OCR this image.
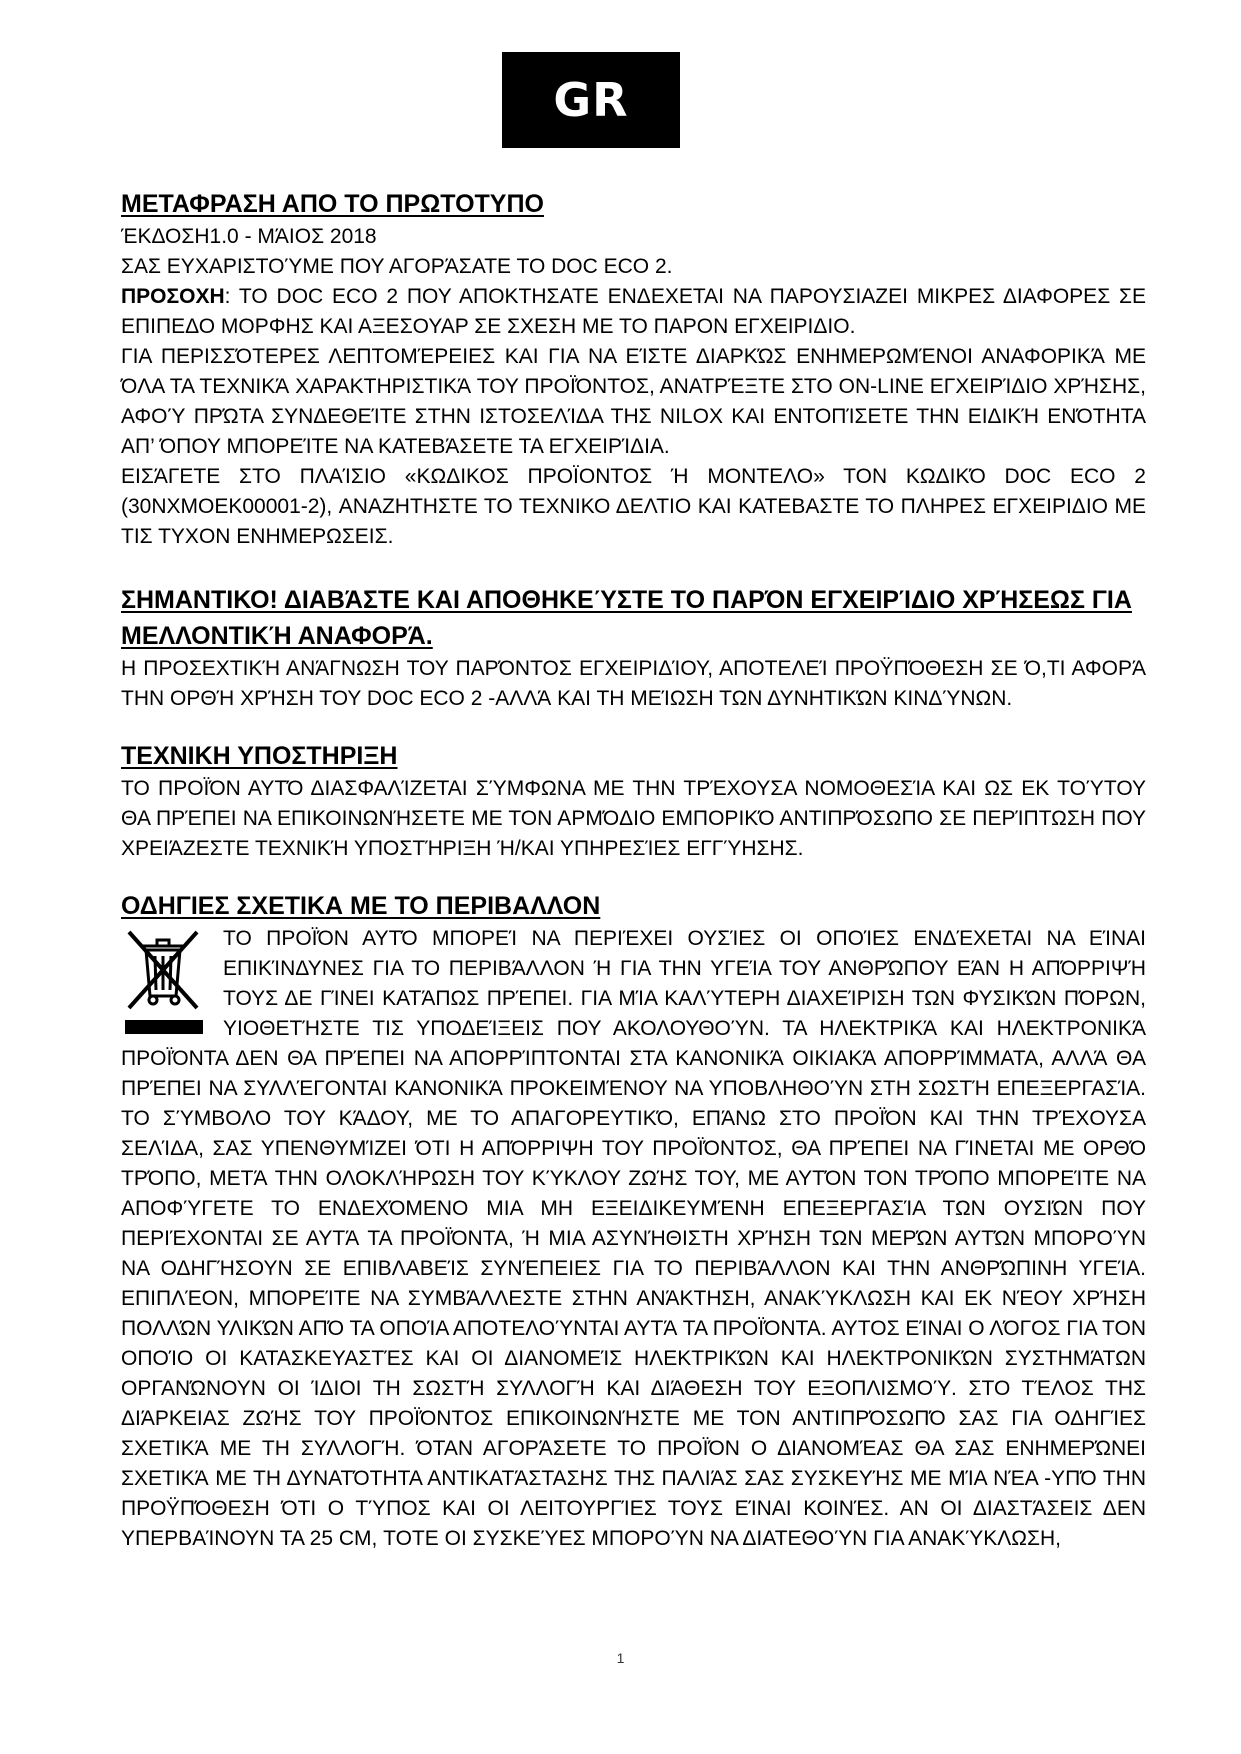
GR
ΜΕΤΑΦΡΑΣΗ ΑΠΟ ΤΟ ΠΡΩΤΟΤΥΠΟ

ΈΚΔΟΣΗ1.0 - ΜΆΙΟΣ 2018

ΣΑΣ ΕΥΧΑΡΙΣΤΟΎΜΕ ΠΟΥ ΑΓΟΡΆΣΑΤΕ ΤΟ DOC ECO 2.

ΠΡΟΣΟΧΗ: ΤΟ DOC ECO 2 ΠΟΥ ΑΠΟΚΤΗΣΑΤΕ ΕΝΔΕΧΕΤΑΙ ΝΑ ΠΑΡΟΥΣΙΑΖΕΙ ΜΙΚΡΕΣ ΔΙΑΦΟΡΕΣ ΣΕ ΕΠΙΠΕΔΟ ΜΟΡΦΗΣ ΚΑΙ ΑΞΕΣΟΥΑΡ ΣΕ ΣΧΕΣΗ ΜΕ ΤΟ ΠΑΡΟΝ ΕΓΧΕΙΡΙΔΙΟ.

ΓΙΑ ΠΕΡΙΣΣΌΤΕΡΕΣ ΛΕΠΤΟΜΈΡΕΙΕΣ ΚΑΙ ΓΙΑ ΝΑ ΕΊΣΤΕ ΔΙΑΡΚΏΣ ΕΝΗΜΕΡΩΜΈΝΟΙ ΑΝΑΦΟΡΙΚΆ ΜΕ ΌΛΑ ΤΑ ΤΕΧΝΙΚΆ ΧΑΡΑΚΤΗΡΙΣΤΙΚΆ ΤΟΥ ΠΡΟΪΌΝΤΟΣ, ΑΝΑΤΡΈΞΤΕ ΣΤΟ ON-LINE ΕΓΧΕΙΡΊΔΙΟ ΧΡΉΣΗΣ, ΑΦΟΎ ΠΡΏΤΑ ΣΥΝΔΕΘΕΊΤΕ ΣΤΗΝ ΙΣΤΟΣΕΛΊΔΑ ΤΗΣ NILOX ΚΑΙ ΕΝΤΟΠΊΣΕΤΕ ΤΗΝ ΕΙΔΙΚΉ ΕΝΌΤΗΤΑ ΑΠ’ ΌΠΟΥ ΜΠΟΡΕΊΤΕ ΝΑ ΚΑΤΕΒΆΣΕΤΕ ΤΑ ΕΓΧΕΙΡΊΔΙΑ.

ΕΙΣΆΓΕΤΕ ΣΤΟ ΠΛΑΊΣΙΟ «ΚΩΔΙΚΟΣ ΠΡΟΪΟΝΤΟΣ Ή ΜΟΝΤΕΛΟ» ΤΟΝ ΚΩΔΙΚΌ DOC ECO 2 (30NXMOEK00001-2), ΑΝΑΖΗΤΗΣΤΕ ΤΟ ΤΕΧΝΙΚΟ ΔΕΛΤΙΟ ΚΑΙ ΚΑΤΕΒΑΣΤΕ ΤΟ ΠΛΗΡΕΣ ΕΓΧΕΙΡΙΔΙΟ ΜΕ ΤΙΣ ΤΥΧΟΝ ΕΝΗΜΕΡΩΣΕΙΣ.

ΣΗΜΑΝΤΙΚΟ! ΔΙΑΒΆΣΤΕ ΚΑΙ ΑΠΟΘΗΚΕΎΣΤΕ ΤΟ ΠΑΡΌΝ ΕΓΧΕΙΡΊΔΙΟ ΧΡΉΣΕΩΣ ΓΙΑ ΜΕΛΛΟΝΤΙΚΉ ΑΝΑΦΟΡΆ.

Η ΠΡΟΣΕΧΤΙΚΉ ΑΝΆΓΝΩΣΗ ΤΟΥ ΠΑΡΌΝΤΟΣ ΕΓΧΕΙΡΙΔΊΟΥ, ΑΠΟΤΕΛΕΊ ΠΡΟΫΠΌΘΕΣΗ ΣΕ Ό,ΤΙ ΑΦΟΡΆ ΤΗΝ ΟΡΘΉ ΧΡΉΣΗ ΤΟΥ DOC ECO 2 -ΑΛΛΆ ΚΑΙ ΤΗ ΜΕΊΩΣΗ ΤΩΝ ΔΥΝΗΤΙΚΏΝ ΚΙΝΔΎΝΩΝ.

ΤΕΧΝΙΚΗ ΥΠΟΣΤΗΡΙΞΗ

ΤΟ ΠΡΟΪΌΝ ΑΥΤΌ ΔΙΑΣΦΑΛΊΖΕΤΑΙ ΣΎΜΦΩΝΑ ΜΕ ΤΗΝ ΤΡΈΧΟΥΣΑ ΝΟΜΟΘΕΣΊΑ ΚΑΙ ΩΣ ΕΚ ΤΟΎΤΟΥ ΘΑ ΠΡΈΠΕΙ ΝΑ ΕΠΙΚΟΙΝΩΝΉΣΕΤΕ ΜΕ ΤΟΝ ΑΡΜΌΔΙΟ ΕΜΠΟΡΙΚΌ ΑΝΤΙΠΡΌΣΩΠΟ ΣΕ ΠΕΡΊΠΤΩΣΗ ΠΟΥ ΧΡΕΙΆΖΕΣΤΕ ΤΕΧΝΙΚΉ ΥΠΟΣΤΉΡΙΞΗ Ή/ΚΑΙ ΥΠΗΡΕΣΊΕΣ ΕΓΓΎΗΣΗΣ.

ΟΔΗΓΙΕΣ ΣΧΕΤΙΚΑ ΜΕ ΤΟ ΠΕΡΙΒΑΛΛΟΝ

ΤΟ ΠΡΟΪΌΝ ΑΥΤΌ ΜΠΟΡΕΊ ΝΑ ΠΕΡΙΈΧΕΙ ΟΥΣΊΕΣ ΟΙ ΟΠΟΊΕΣ ΕΝΔΈΧΕΤΑΙ ΝΑ ΕΊΝΑΙ ΕΠΙΚΊΝΔΥΝΕΣ ΓΙΑ ΤΟ ΠΕΡΙΒΆΛΛΟΝ Ή ΓΙΑ ΤΗΝ ΥΓΕΊΑ ΤΟΥ ΑΝΘΡΏΠΟΥ ΕΆΝ Η ΑΠΌΡΡΙΨΉ ΤΟΥΣ ΔΕ ΓΊΝΕΙ ΚΑΤΆΠΩΣ ΠΡΈΠΕΙ. ΓΙΑ ΜΊΑ ΚΑΛΎΤΕΡΗ ΔΙΑΧΕΊΡΙΣΗ ΤΩΝ ΦΥΣΙΚΏΝ ΠΌΡΩΝ, ΥΙΟΘΕΤΉΣΤΕ ΤΙΣ ΥΠΟΔΕΊΞΕΙΣ ΠΟΥ ΑΚΟΛΟΥΘΟΎΝ. ΤΑ ΗΛΕΚΤΡΙΚΆ ΚΑΙ ΗΛΕΚΤΡΟΝΙΚΆ ΠΡΟΪΌΝΤΑ ΔΕΝ ΘΑ ΠΡΈΠΕΙ ΝΑ ΑΠΟΡΡΊΠΤΟΝΤΑΙ ΣΤΑ ΚΑΝΟΝΙΚΆ ΟΙΚΙΑΚΆ ΑΠΟΡΡΊΜΜΑΤΑ, ΑΛΛΆ ΘΑ ΠΡΈΠΕΙ ΝΑ ΣΥΛΛΈΓΟΝΤΑΙ ΚΑΝΟΝΙΚΆ ΠΡΟΚΕΙΜΈΝΟΥ ΝΑ ΥΠΟΒΛΗΘΟΎΝ ΣΤΗ ΣΩΣΤΉ ΕΠΕΞΕΡΓΑΣΊΑ. ΤΟ ΣΎΜΒΟΛΟ ΤΟΥ ΚΆΔΟΥ, ΜΕ ΤΟ ΑΠΑΓΟΡΕΥΤΙΚΌ, ΕΠΆΝΩ ΣΤΟ ΠΡΟΪΌΝ ΚΑΙ ΤΗΝ ΤΡΈΧΟΥΣΑ ΣΕΛΊΔΑ, ΣΑΣ ΥΠΕΝΘΥΜΊΖΕΙ ΌΤΙ Η ΑΠΌΡΡΙΨΗ ΤΟΥ ΠΡΟΪΌΝΤΟΣ, ΘΑ ΠΡΈΠΕΙ ΝΑ ΓΊΝΕΤΑΙ ΜΕ ΟΡΘΌ ΤΡΌΠΟ, ΜΕΤΆ ΤΗΝ ΟΛΟΚΛΉΡΩΣΗ ΤΟΥ ΚΎΚΛΟΥ ΖΩΉΣ ΤΟΥ, ΜΕ ΑΥΤΌΝ ΤΟΝ ΤΡΌΠΟ ΜΠΟΡΕΊΤΕ ΝΑ ΑΠΟΦΎΓΕΤΕ ΤΟ ΕΝΔΕΧΌΜΕΝΟ ΜΙΑ ΜΗ ΕΞΕΙΔΙΚΕΥΜΈΝΗ ΕΠΕΞΕΡΓΑΣΊΑ ΤΩΝ ΟΥΣΙΏΝ ΠΟΥ ΠΕΡΙΈΧΟΝΤΑΙ ΣΕ ΑΥΤΆ ΤΑ ΠΡΟΪΌΝΤΑ, Ή ΜΙΑ ΑΣΥΝΉΘΙΣΤΗ ΧΡΉΣΗ ΤΩΝ ΜΕΡΏΝ ΑΥΤΏΝ ΜΠΟΡΟΎΝ ΝΑ ΟΔΗΓΉΣΟΥΝ ΣΕ ΕΠΙΒΛΑΒΕΊΣ ΣΥΝΈΠΕΙΕΣ ΓΙΑ ΤΟ ΠΕΡΙΒΆΛΛΟΝ ΚΑΙ ΤΗΝ ΑΝΘΡΏΠΙΝΗ ΥΓΕΊΑ. ΕΠΙΠΛΈΟΝ, ΜΠΟΡΕΊΤΕ ΝΑ ΣΥΜΒΆΛΛΕΣΤΕ ΣΤΗΝ ΑΝΆΚΤΗΣΗ, ΑΝΑΚΎΚΛΩΣΗ ΚΑΙ ΕΚ ΝΈΟΥ ΧΡΉΣΗ ΠΟΛΛΏΝ ΥΛΙΚΏΝ ΑΠΌ ΤΑ ΟΠΟΊΑ ΑΠΟΤΕΛΟΎΝΤΑΙ ΑΥΤΆ ΤΑ ΠΡΟΪΌΝΤΑ. ΑΥΤΟΣ ΕΊΝΑΙ Ο ΛΌΓΟΣ ΓΙΑ ΤΟΝ ΟΠΟΊΟ ΟΙ ΚΑΤΑΣΚΕΥΑΣΤΈΣ ΚΑΙ ΟΙ ΔΙΑΝΟΜΕΊΣ ΗΛΕΚΤΡΙΚΏΝ ΚΑΙ ΗΛΕΚΤΡΟΝΙΚΏΝ ΣΥΣΤΗΜΆΤΩΝ ΟΡΓΑΝΏΝΟΥΝ ΟΙ ΊΔΙΟΙ ΤΗ ΣΩΣΤΉ ΣΥΛΛΟΓΉ ΚΑΙ ΔΙΆΘΕΣΗ ΤΟΥ ΕΞΟΠΛΙΣΜΟΎ. ΣΤΟ ΤΈΛΟΣ ΤΗΣ ΔΙΆΡΚΕΙΑΣ ΖΩΉΣ ΤΟΥ ΠΡΟΪΌΝΤΟΣ ΕΠΙΚΟΙΝΩΝΉΣΤΕ ΜΕ ΤΟΝ ΑΝΤΙΠΡΌΣΩΠΌ ΣΑΣ ΓΙΑ ΟΔΗΓΊΕΣ ΣΧΕΤΙΚΆ ΜΕ ΤΗ ΣΥΛΛΟΓΉ. ΌΤΑΝ ΑΓΟΡΆΣΕΤΕ ΤΟ ΠΡΟΪΌΝ Ο ΔΙΑΝΟΜΈΑΣ ΘΑ ΣΑΣ ΕΝΗΜΕΡΏΝΕΙ ΣΧΕΤΙΚΆ ΜΕ ΤΗ ΔΥΝΑΤΌΤΗΤΑ ΑΝΤΙΚΑΤΆΣΤΑΣΗΣ ΤΗΣ ΠΑΛΙΆΣ ΣΑΣ ΣΥΣΚΕΥΉΣ ΜΕ ΜΊΑ ΝΈΑ -ΥΠΌ ΤΗΝ ΠΡΟΫΠΌΘΕΣΗ ΌΤΙ Ο ΤΎΠΟΣ ΚΑΙ ΟΙ ΛΕΙΤΟΥΡΓΊΕΣ ΤΟΥΣ ΕΊΝΑΙ ΚΟΙΝΈΣ. ΑΝ ΟΙ ΔΙΑΣΤΆΣΕΙΣ ΔΕΝ ΥΠΕΡΒΑΊΝΟΥΝ ΤΑ 25 CM, ΤΟΤΕ ΟΙ ΣΥΣΚΕΎΕΣ ΜΠΟΡΟΎΝ ΝΑ ΔΙΑΤΕΘΟΎΝ ΓΙΑ ΑΝΑΚΎΚΛΩΣΗ,

1
